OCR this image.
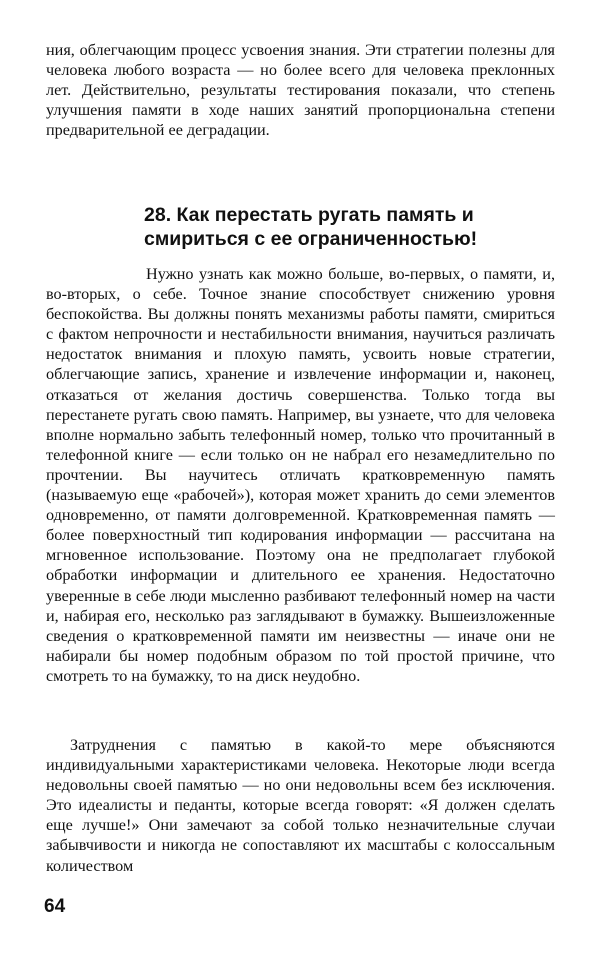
ния, облегчающим процесс усвоения знания. Эти стратегии полезны для человека любого возраста — но более всего для человека преклонных лет. Действительно, результаты тестирования показали, что степень улучшения памяти в ходе наших занятий пропорциональна степени предварительной ее деградации.

28. Как перестать ругать память и смириться с ее ограниченностью!

Нужно узнать как можно больше, во-первых, о памяти, и, во-вторых, о себе. Точное знание способствует снижению уровня беспокойства. Вы должны понять механизмы работы памяти, смириться с фактом непрочности и нестабильности внимания, научиться различать недостаток внимания и плохую память, усвоить новые стратегии, облегчающие запись, хранение и извлечение информации и, наконец, отказаться от желания достичь совершенства. Только тогда вы перестанете ругать свою память. Например, вы узнаете, что для человека вполне нормально забыть телефонный номер, только что прочитанный в телефонной книге — если только он не набрал его незамедлительно по прочтении. Вы научитесь отличать кратковременную память (называемую еще «рабочей»), которая может хранить до семи элементов одновременно, от памяти долговременной. Кратковременная память — более поверхностный тип кодирования информации — рассчитана на мгновенное использование. Поэтому она не предполагает глубокой обработки информации и длительного ее хранения. Недостаточно уверенные в себе люди мысленно разбивают телефонный номер на части и, набирая его, несколько раз заглядывают в бумажку. Вышеизложенные сведения о кратковременной памяти им неизвестны — иначе они не набирали бы номер подобным образом по той простой причине, что смотреть то на бумажку, то на диск неудобно.

Затруднения с памятью в какой-то мере объясняются индивидуальными характеристиками человека. Некоторые люди всегда недовольны своей памятью — но они недовольны всем без исключения. Это идеалисты и педанты, которые всегда говорят: «Я должен сделать еще лучше!» Они замечают за собой только незначительные случаи забывчивости и никогда не сопоставляют их масштабы с колоссальным количеством

64
